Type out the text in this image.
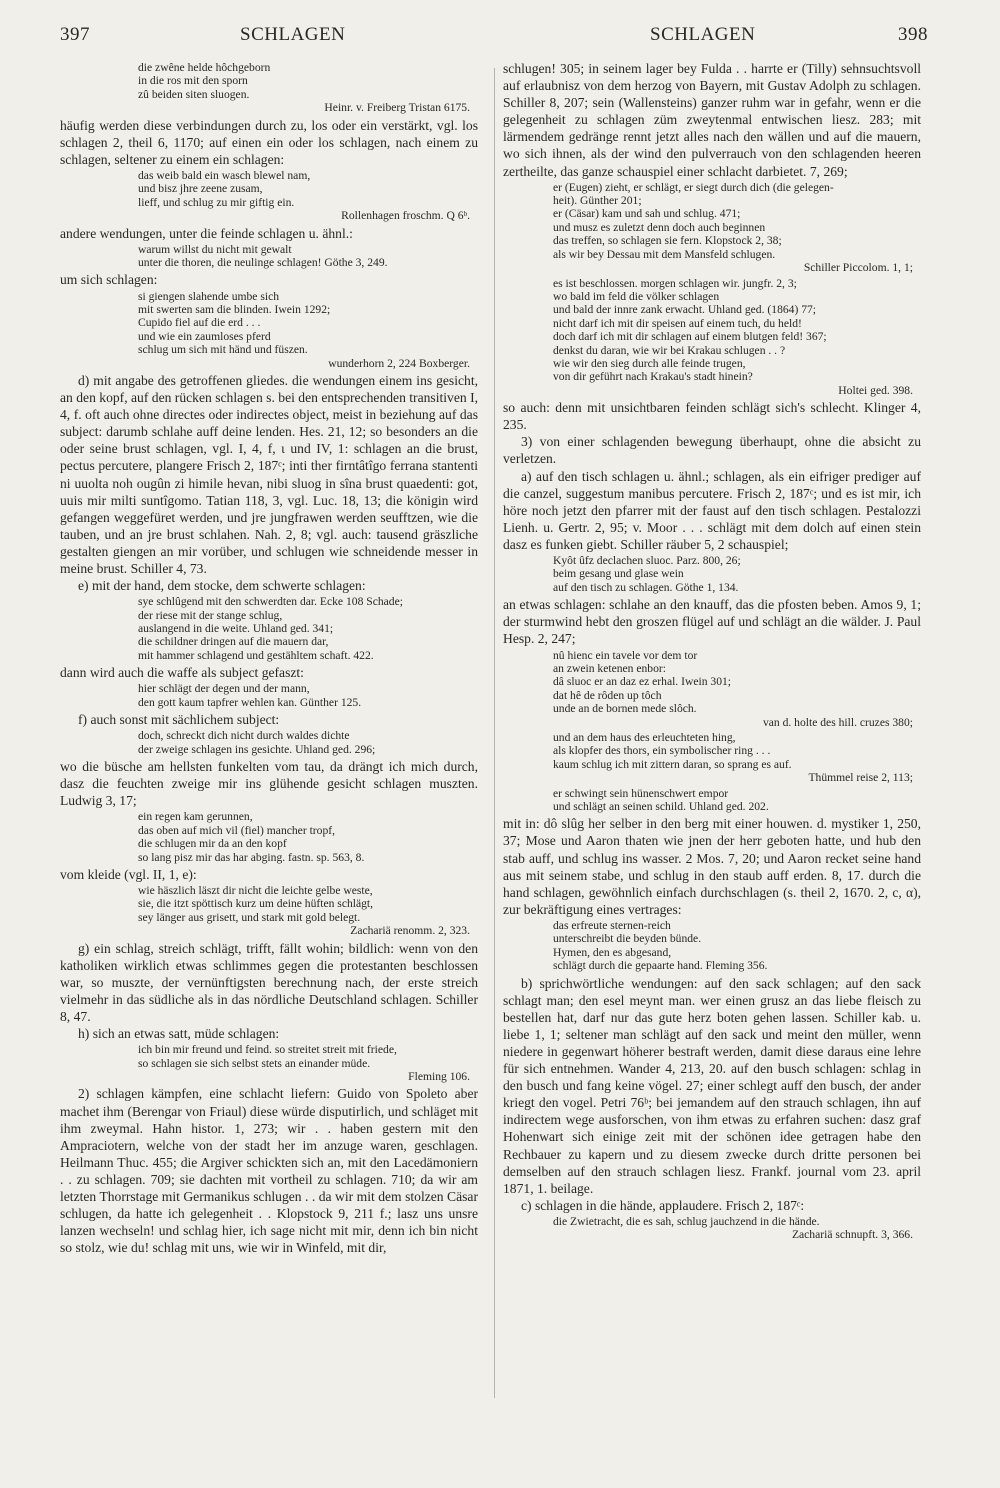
397	SCHLAGEN	SCHLAGEN	398
die zwêne helde hôchgeborn
in die ros mit den sporn
zû beiden siten sluogen.
Heinr. v. Freiberg Tristan 6175.

häufig werden diese verbindungen durch zu, los oder ein verstärkt, vgl. los schlagen 2, theil 6, 1170; auf einen ein oder los schlagen, nach einem zu schlagen, seltener zu einem ein schlagen:

das weib bald ein wasch blewel nam,
und bisz jhre zeene zusam,
lieff, und schlug zu mir giftig ein.
Rollenhagen froschm. Q 6ᵇ.

andere wendungen, unter die feinde schlagen u. ähnl.:

warum willst du nicht mit gewalt
unter die thoren, die neulinge schlagen! Göthe 3, 249.

um sich schlagen:

si giengen slahende umbe sich
mit swerten sam die blinden. Iwein 1292;
Cupido fiel auf die erd . . .
und wie ein zaumloses pferd
schlug um sich mit händ und füszen.
wunderhorn 2, 224 Boxberger.

d) mit angabe des getroffenen gliedes. die wendungen einem ins gesicht, an den kopf, auf den rücken schlagen s. bei den entsprechenden transitiven I, 4, f. oft auch ohne directes oder indirectes object, meist in beziehung auf das subject: darumb schlahe auff deine lenden. Hes. 21, 12; so besonders an die oder seine brust schlagen, vgl. I, 4, f, ι und IV, 1: schlagen an die brust, pectus percutere, plangere Frisch 2, 187ᶜ; inti ther firntâtîgo ferrana stantenti ni uuolta noh ougûn zi himile hevan, nibi sluog in sîna brust quaedenti: got, uuis mir milti suntîgomo. Tatian 118, 3, vgl. Luc. 18, 13; die königin wird gefangen weggefüret werden, und jre jungfrawen werden seufftzen, wie die tauben, und an jre brust schlahen. Nah. 2, 8; vgl. auch: tausend gräszliche gestalten giengen an mir vorüber, und schlugen wie schneidende messer in meine brust. Schiller 4, 73.

e) mit der hand, dem stocke, dem schwerte schlagen:

sye schlûgend mit den schwerdten dar. Ecke 108 Schade;
der riese mit der stange schlug,
auslangend in die weite. Uhland ged. 341;
die schildner dringen auf die mauern dar,
mit hammer schlagend und gestähltem schaft. 422.

dann wird auch die waffe als subject gefaszt:

hier schlägt der degen und der mann,
den gott kaum tapfrer wehlen kan. Günther 125.

f) auch sonst mit sächlichem subject:

doch, schreckt dich nicht durch waldes dichte
der zweige schlagen ins gesichte. Uhland ged. 296;

wo die büsche am hellsten funkelten vom tau, da drängt ich mich durch, dasz die feuchten zweige mir ins glühende gesicht schlagen muszten. Ludwig 3, 17;

ein regen kam gerunnen,
das oben auf mich vil (fiel) mancher tropf,
die schlugen mir da an den kopf
so lang pisz mir das har abging. fastn. sp. 563, 8.

vom kleide (vgl. II, 1, e):

wie häszlich läszt dir nicht die leichte gelbe weste,
sie, die itzt spöttisch kurz um deine hüften schlägt,
sey länger aus grisett, und stark mit gold belegt.
Zachariä renomm. 2, 323.

g) ein schlag, streich schlägt, trifft, fällt wohin; bildlich: wenn von den katholiken wirklich etwas schlimmes gegen die protestanten beschlossen war, so muszte, der vernünftigsten berechnung nach, der erste streich vielmehr in das südliche als in das nördliche Deutschland schlagen. Schiller 8, 47.

h) sich an etwas satt, müde schlagen:

ich bin mir freund und feind. so streitet streit mit friede,
so schlagen sie sich selbst stets an einander müde.
Fleming 106.

2) schlagen kämpfen, eine schlacht liefern: Guido von Spoleto aber machet ihm (Berengar von Friaul) diese würde disputirlich, und schläget mit ihm zweymal. Hahn histor. 1, 273; wir . . haben gestern mit den Ampraciotern, welche von der stadt her im anzuge waren, geschlagen. Heilmann Thuc. 455; die Argiver schickten sich an, mit den Lacedämoniern . . zu schlagen. 709; sie dachten mit vortheil zu schlagen. 710; da wir am letzten Thorrstage mit Germanikus schlugen . . da wir mit dem stolzen Cäsar schlugen, da hatte ich gelegenheit . . Klopstock 9, 211 f.; lasz uns unsre lanzen wechseln! und schlag hier, ich sage nicht mit mir, denn ich bin nicht so stolz, wie du! schlag mit uns, wie wir in Winfeld, mit dir,

schlugen! 305; in seinem lager bey Fulda . . harrte er (Tilly) sehnsuchtsvoll auf erlaubnisz von dem herzog von Bayern, mit Gustav Adolph zu schlagen. Schiller 8, 207; sein (Wallensteins) ganzer ruhm war in gefahr, wenn er die gelegenheit zu schlagen züm zweytenmal entwischen liesz. 283; mit lärmendem gedränge rennt jetzt alles nach den wällen und auf die mauern, wo sich ihnen, als der wind den pulverrauch von den schlagenden heeren zertheilte, das ganze schauspiel einer schlacht darbietet. 7, 269;

er (Eugen) zieht, er schlägt, er siegt durch dich (die gelegen-
heit). Günther 201;
er (Cäsar) kam und sah und schlug. 471;
und musz es zuletzt denn doch auch beginnen
das treffen, so schlagen sie fern. Klopstock 2, 38;
als wir bey Dessau mit dem Mansfeld schlugen.
Schiller Piccolom. 1, 1;
es ist beschlossen. morgen schlagen wir. jungfr. 2, 3;
wo bald im feld die völker schlagen
und bald der innre zank erwacht. Uhland ged. (1864) 77;
nicht darf ich mit dir speisen auf einem tuch, du held!
doch darf ich mit dir schlagen auf einem blutgen feld! 367;
denkst du daran, wie wir bei Krakau schlugen . . ?
wie wir den sieg durch alle feinde trugen,
von dir geführt nach Krakau's stadt hinein?
Holtei ged. 398.

so auch: denn mit unsichtbaren feinden schlägt sich's schlecht. Klinger 4, 235.

3) von einer schlagenden bewegung überhaupt, ohne die absicht zu verletzen.

a) auf den tisch schlagen u. ähnl.; schlagen, als ein eifriger prediger auf die canzel, suggestum manibus percutere. Frisch 2, 187ᶜ; und es ist mir, ich höre noch jetzt den pfarrer mit der faust auf den tisch schlagen. Pestalozzi Lienh. u. Gertr. 2, 95; v. Moor . . . schlägt mit dem dolch auf einen stein dasz es funken giebt. Schiller räuber 5, 2 schauspiel;

Kyôt ûfz declachen sluoc. Parz. 800, 26;
beim gesang und glase wein
auf den tisch zu schlagen. Göthe 1, 134.

an etwas schlagen: schlahe an den knauff, das die pfosten beben. Amos 9, 1; der sturmwind hebt den groszen flügel auf und schlägt an die wälder. J. Paul Hesp. 2, 247;

nû hienc ein tavele vor dem tor
an zwein ketenen enbor:
dâ sluoc er an daz ez erhal. Iwein 301;
dat hê de rôden up tôch
unde an de bornen mede slôch.
van d. holte des hill. cruzes 380;
und an dem haus des erleuchteten hing,
als klopfer des thors, ein symbolischer ring . . .
kaum schlug ich mit zittern daran, so sprang es auf.
Thümmel reise 2, 113;
er schwingt sein hünenschwert empor
und schlägt an seinen schild. Uhland ged. 202.

mit in: dô slûg her selber in den berg mit einer houwen. d. mystiker 1, 250, 37; Mose und Aaron thaten wie jnen der herr geboten hatte, und hub den stab auff, und schlug ins wasser. 2 Mos. 7, 20; und Aaron recket seine hand aus mit seinem stabe, und schlug in den staub auff erden. 8, 17. durch die hand schlagen, gewöhnlich einfach durchschlagen (s. theil 2, 1670. 2, c, α), zur bekräftigung eines vertrages:

das erfreute sternen-reich
unterschreibt die beyden bünde.
Hymen, den es abgesand,
schlägt durch die gepaarte hand. Fleming 356.

b) sprichwörtliche wendungen: auf den sack schlagen; auf den sack schlagt man; den esel meynt man. wer einen grusz an das liebe fleisch zu bestellen hat, darf nur das gute herz boten gehen lassen. Schiller kab. u. liebe 1, 1; seltener man schlägt auf den sack und meint den müller, wenn niedere in gegenwart höherer bestraft werden, damit diese daraus eine lehre für sich entnehmen. Wander 4, 213, 20. auf den busch schlagen: schlag in den busch und fang keine vögel. 27; einer schlegt auff den busch, der ander kriegt den vogel. Petri 76ᵇ; bei jemandem auf den strauch schlagen, ihn auf indirectem wege ausforschen, von ihm etwas zu erfahren suchen: dasz graf Hohenwart sich einige zeit mit der schönen idee getragen habe den Rechbauer zu kapern und zu diesem zwecke durch dritte personen bei demselben auf den strauch schlagen liesz. Frankf. journal vom 23. april 1871, 1. beilage.

c) schlagen in die hände, applaudere. Frisch 2, 187ᶜ:

die Zwietracht, die es sah, schlug jauchzend in die hände.
Zachariä schnupft. 3, 366.
